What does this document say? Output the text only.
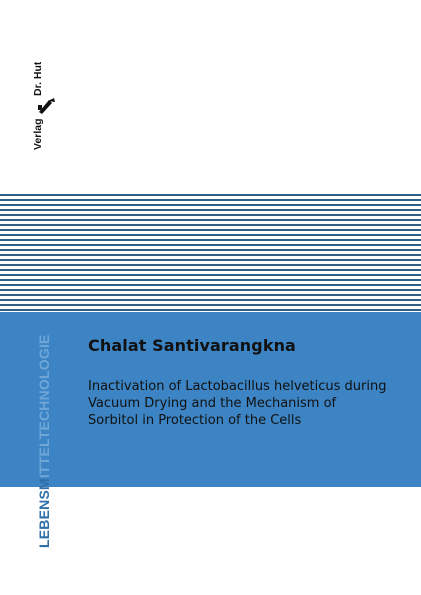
Verlag
Dr. Hut
Chalat Santivarangkna

Inactivation of Lactobacillus helveticus during Vacuum Drying and the Mechanism of Sorbitol in Protection of the Cells

LEBENSMITTELTECHNOLOGIE
